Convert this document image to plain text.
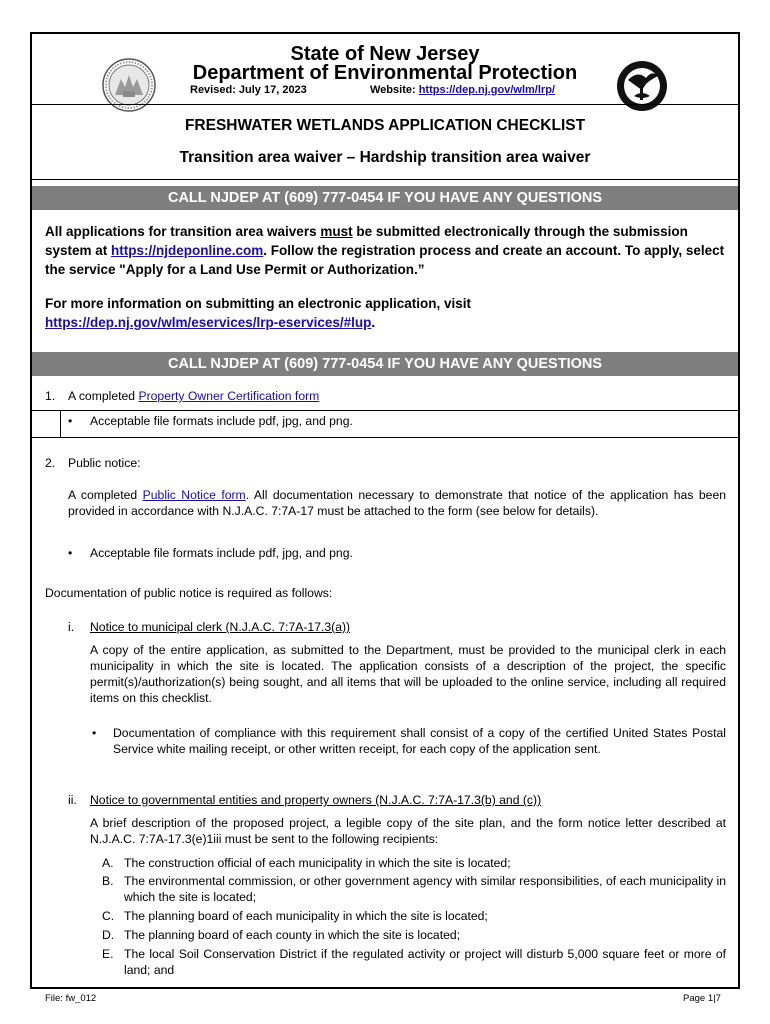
State of New Jersey
Department of Environmental Protection
Revised: July 17, 2023	Website: https://dep.nj.gov/wlm/lrp/
FRESHWATER WETLANDS APPLICATION CHECKLIST
Transition area waiver – Hardship transition area waiver
CALL NJDEP AT (609) 777-0454 IF YOU HAVE ANY QUESTIONS
All applications for transition area waivers must be submitted electronically through the submission system at https://njdeponline.com. Follow the registration process and create an account. To apply, select the service "Apply for a Land Use Permit or Authorization.”
For more information on submitting an electronic application, visit
https://dep.nj.gov/wlm/eservices/lrp-eservices/#lup.
CALL NJDEP AT (609) 777-0454 IF YOU HAVE ANY QUESTIONS
1. A completed Property Owner Certification form
• Acceptable file formats include pdf, jpg, and png.
2. Public notice:
A completed Public Notice form. All documentation necessary to demonstrate that notice of the application has been provided in accordance with N.J.A.C. 7:7A-17 must be attached to the form (see below for details).
• Acceptable file formats include pdf, jpg, and png.
Documentation of public notice is required as follows:
i. Notice to municipal clerk (N.J.A.C. 7:7A-17.3(a))
A copy of the entire application, as submitted to the Department, must be provided to the municipal clerk in each municipality in which the site is located. The application consists of a description of the project, the specific permit(s)/authorization(s) being sought, and all items that will be uploaded to the online service, including all required items on this checklist.
• Documentation of compliance with this requirement shall consist of a copy of the certified United States Postal Service white mailing receipt, or other written receipt, for each copy of the application sent.
ii. Notice to governmental entities and property owners (N.J.A.C. 7:7A-17.3(b) and (c))
A brief description of the proposed project, a legible copy of the site plan, and the form notice letter described at N.J.A.C. 7:7A-17.3(e)1iii must be sent to the following recipients:
A. The construction official of each municipality in which the site is located;
B. The environmental commission, or other government agency with similar responsibilities, of each municipality in which the site is located;
C. The planning board of each municipality in which the site is located;
D. The planning board of each county in which the site is located;
E. The local Soil Conservation District if the regulated activity or project will disturb 5,000 square feet or more of land; and
File: fw_012	Page 1|7
